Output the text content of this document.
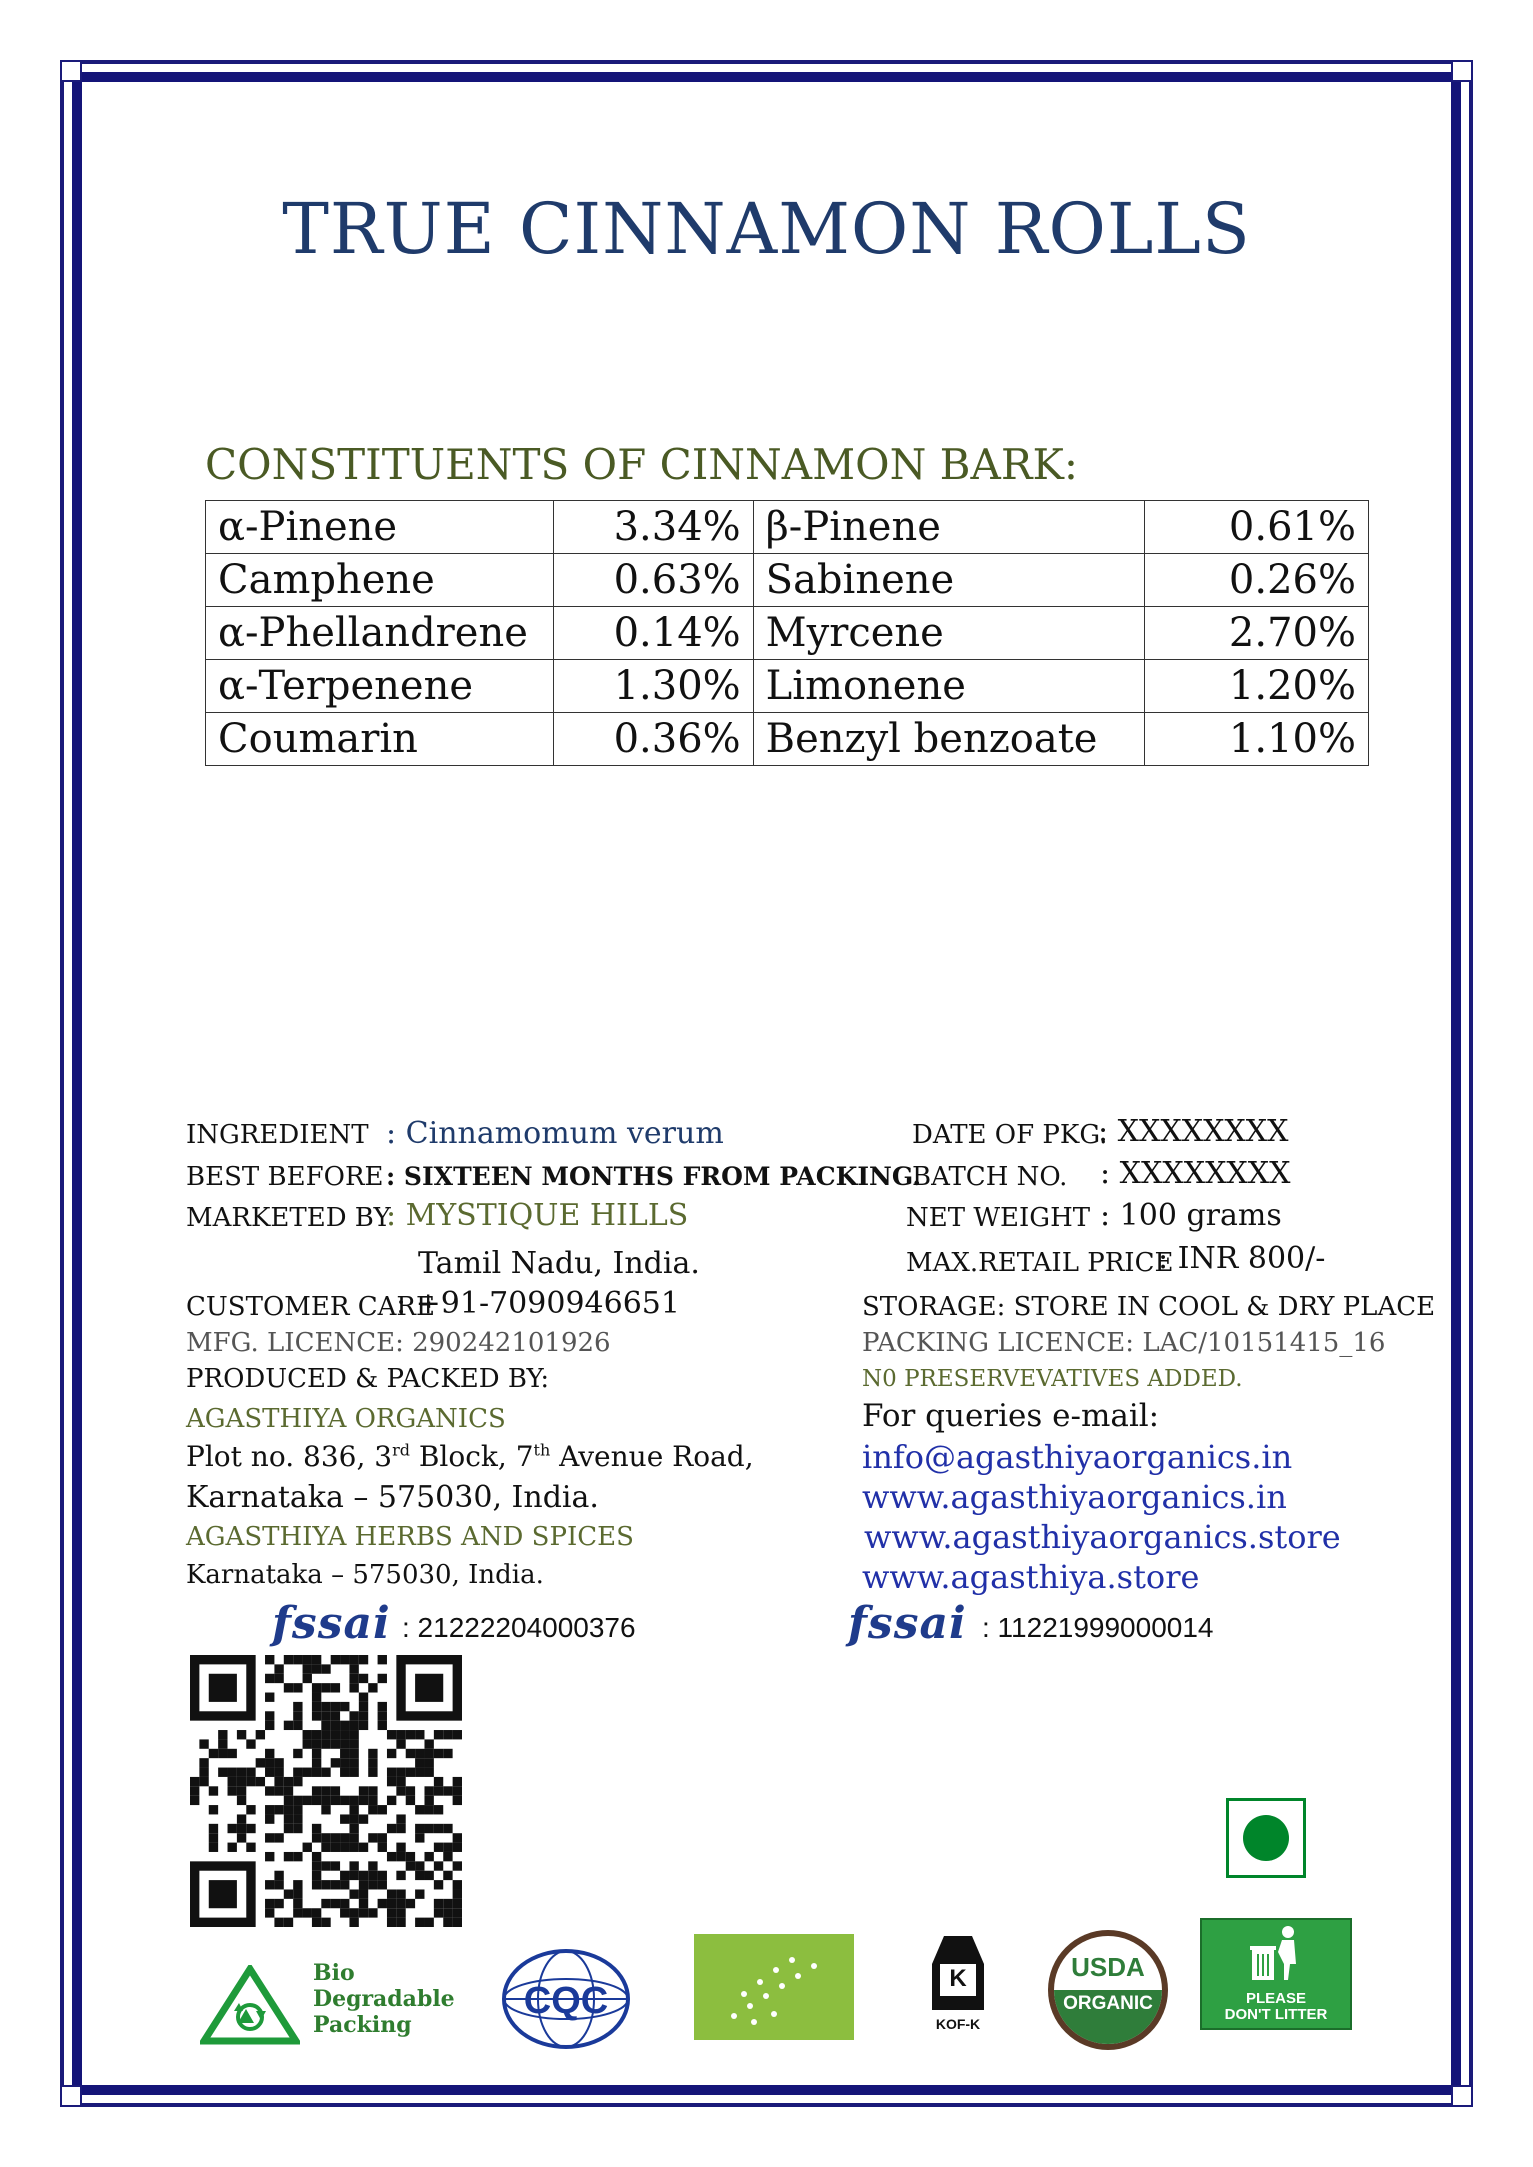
TRUE CINNAMON ROLLS
CONSTITUENTS OF CINNAMON BARK:
α-Pinene	3.34%	β-Pinene	0.61%
Camphene	0.63%	Sabinene	0.26%
α-Phellandrene	0.14%	Myrcene	2.70%
α-Terpenene	1.30%	Limonene	1.20%
Coumarin	0.36%	Benzyl benzoate	1.10%
INGREDIENT : Cinnamomum verum
BEST BEFORE : SIXTEEN MONTHS FROM PACKING.
MARKETED BY
: MYSTIQUE HILLS
Tamil Nadu, India.
CUSTOMER CARE
: +91-7090946651
MFG. LICENCE: 290242101926
PRODUCED & PACKED BY:
AGASTHIYA ORGANICS
Plot no. 836, 3rd Block, 7th Avenue Road,
Karnataka – 575030, India.
AGASTHIYA HERBS AND SPICES
Karnataka – 575030, India.
fssai : 21222204000376
DATE OF PKG.
: XXXXXXXX
BATCH NO. : XXXXXXXX
NET WEIGHT : 100 grams
MAX.RETAIL PRICE
: INR 800/-
STORAGE: STORE IN COOL & DRY PLACE
PACKING LICENCE: LAC/10151415_16
N0 PRESERVEVATIVES ADDED.
For queries e-mail:
info@agasthiyaorganics.in
www.agasthiyaorganics.in
www.agasthiyaorganics.store
www.agasthiya.store
fssai : 11221999000014
Bio
Degradable
Packing
CQC
K
KOF-K
USDA
ORGANIC	PLEASE
DON'T LITTER
